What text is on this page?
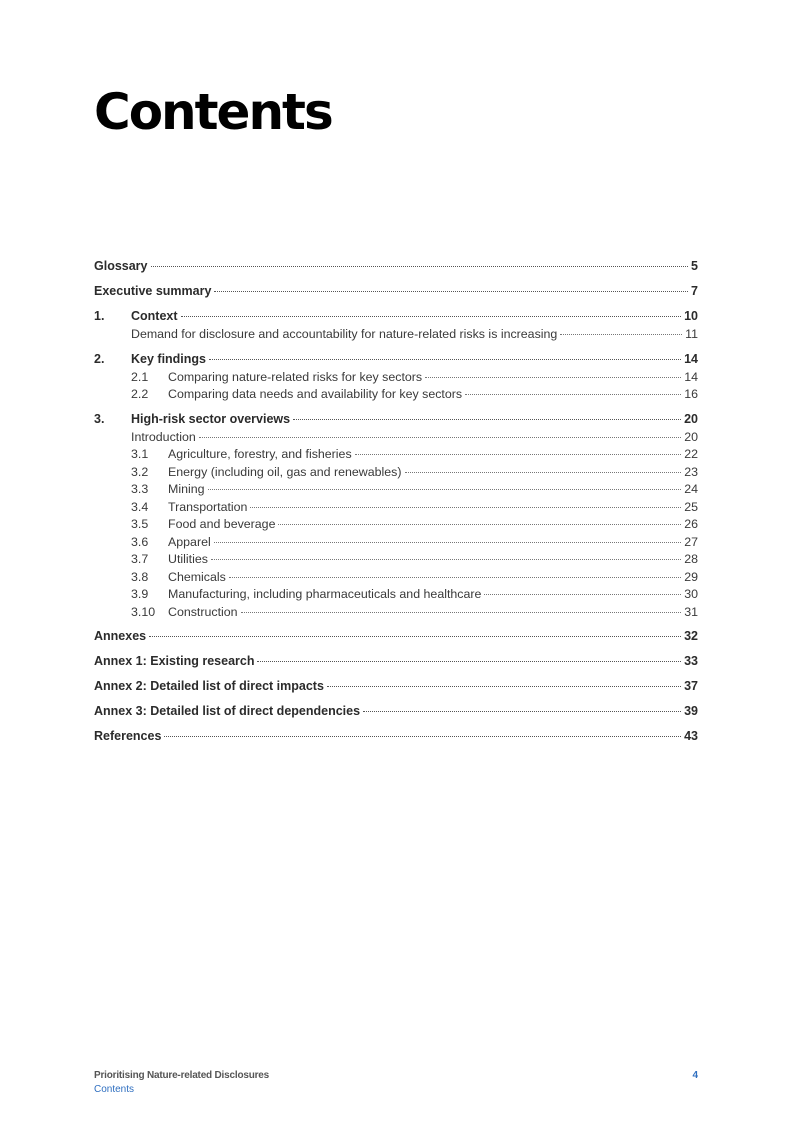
Contents
Glossary	5
Executive summary	7
1.	Context	10
Demand for disclosure and accountability for nature-related risks is increasing	11
2.	Key findings	14
2.1	Comparing nature-related risks for key sectors	14
2.2	Comparing data needs and availability for key sectors	16
3.	High-risk sector overviews	20
Introduction	20
3.1	Agriculture, forestry, and fisheries	22
3.2	Energy (including oil, gas and renewables)	23
3.3	Mining	24
3.4	Transportation	25
3.5	Food and beverage	26
3.6	Apparel	27
3.7	Utilities	28
3.8	Chemicals	29
3.9	Manufacturing, including pharmaceuticals and healthcare	30
3.10	Construction	31
Annexes	32
Annex 1: Existing research	33
Annex 2: Detailed list of direct impacts	37
Annex 3: Detailed list of direct dependencies	39
References	43
Prioritising Nature-related Disclosures
Contents
4
